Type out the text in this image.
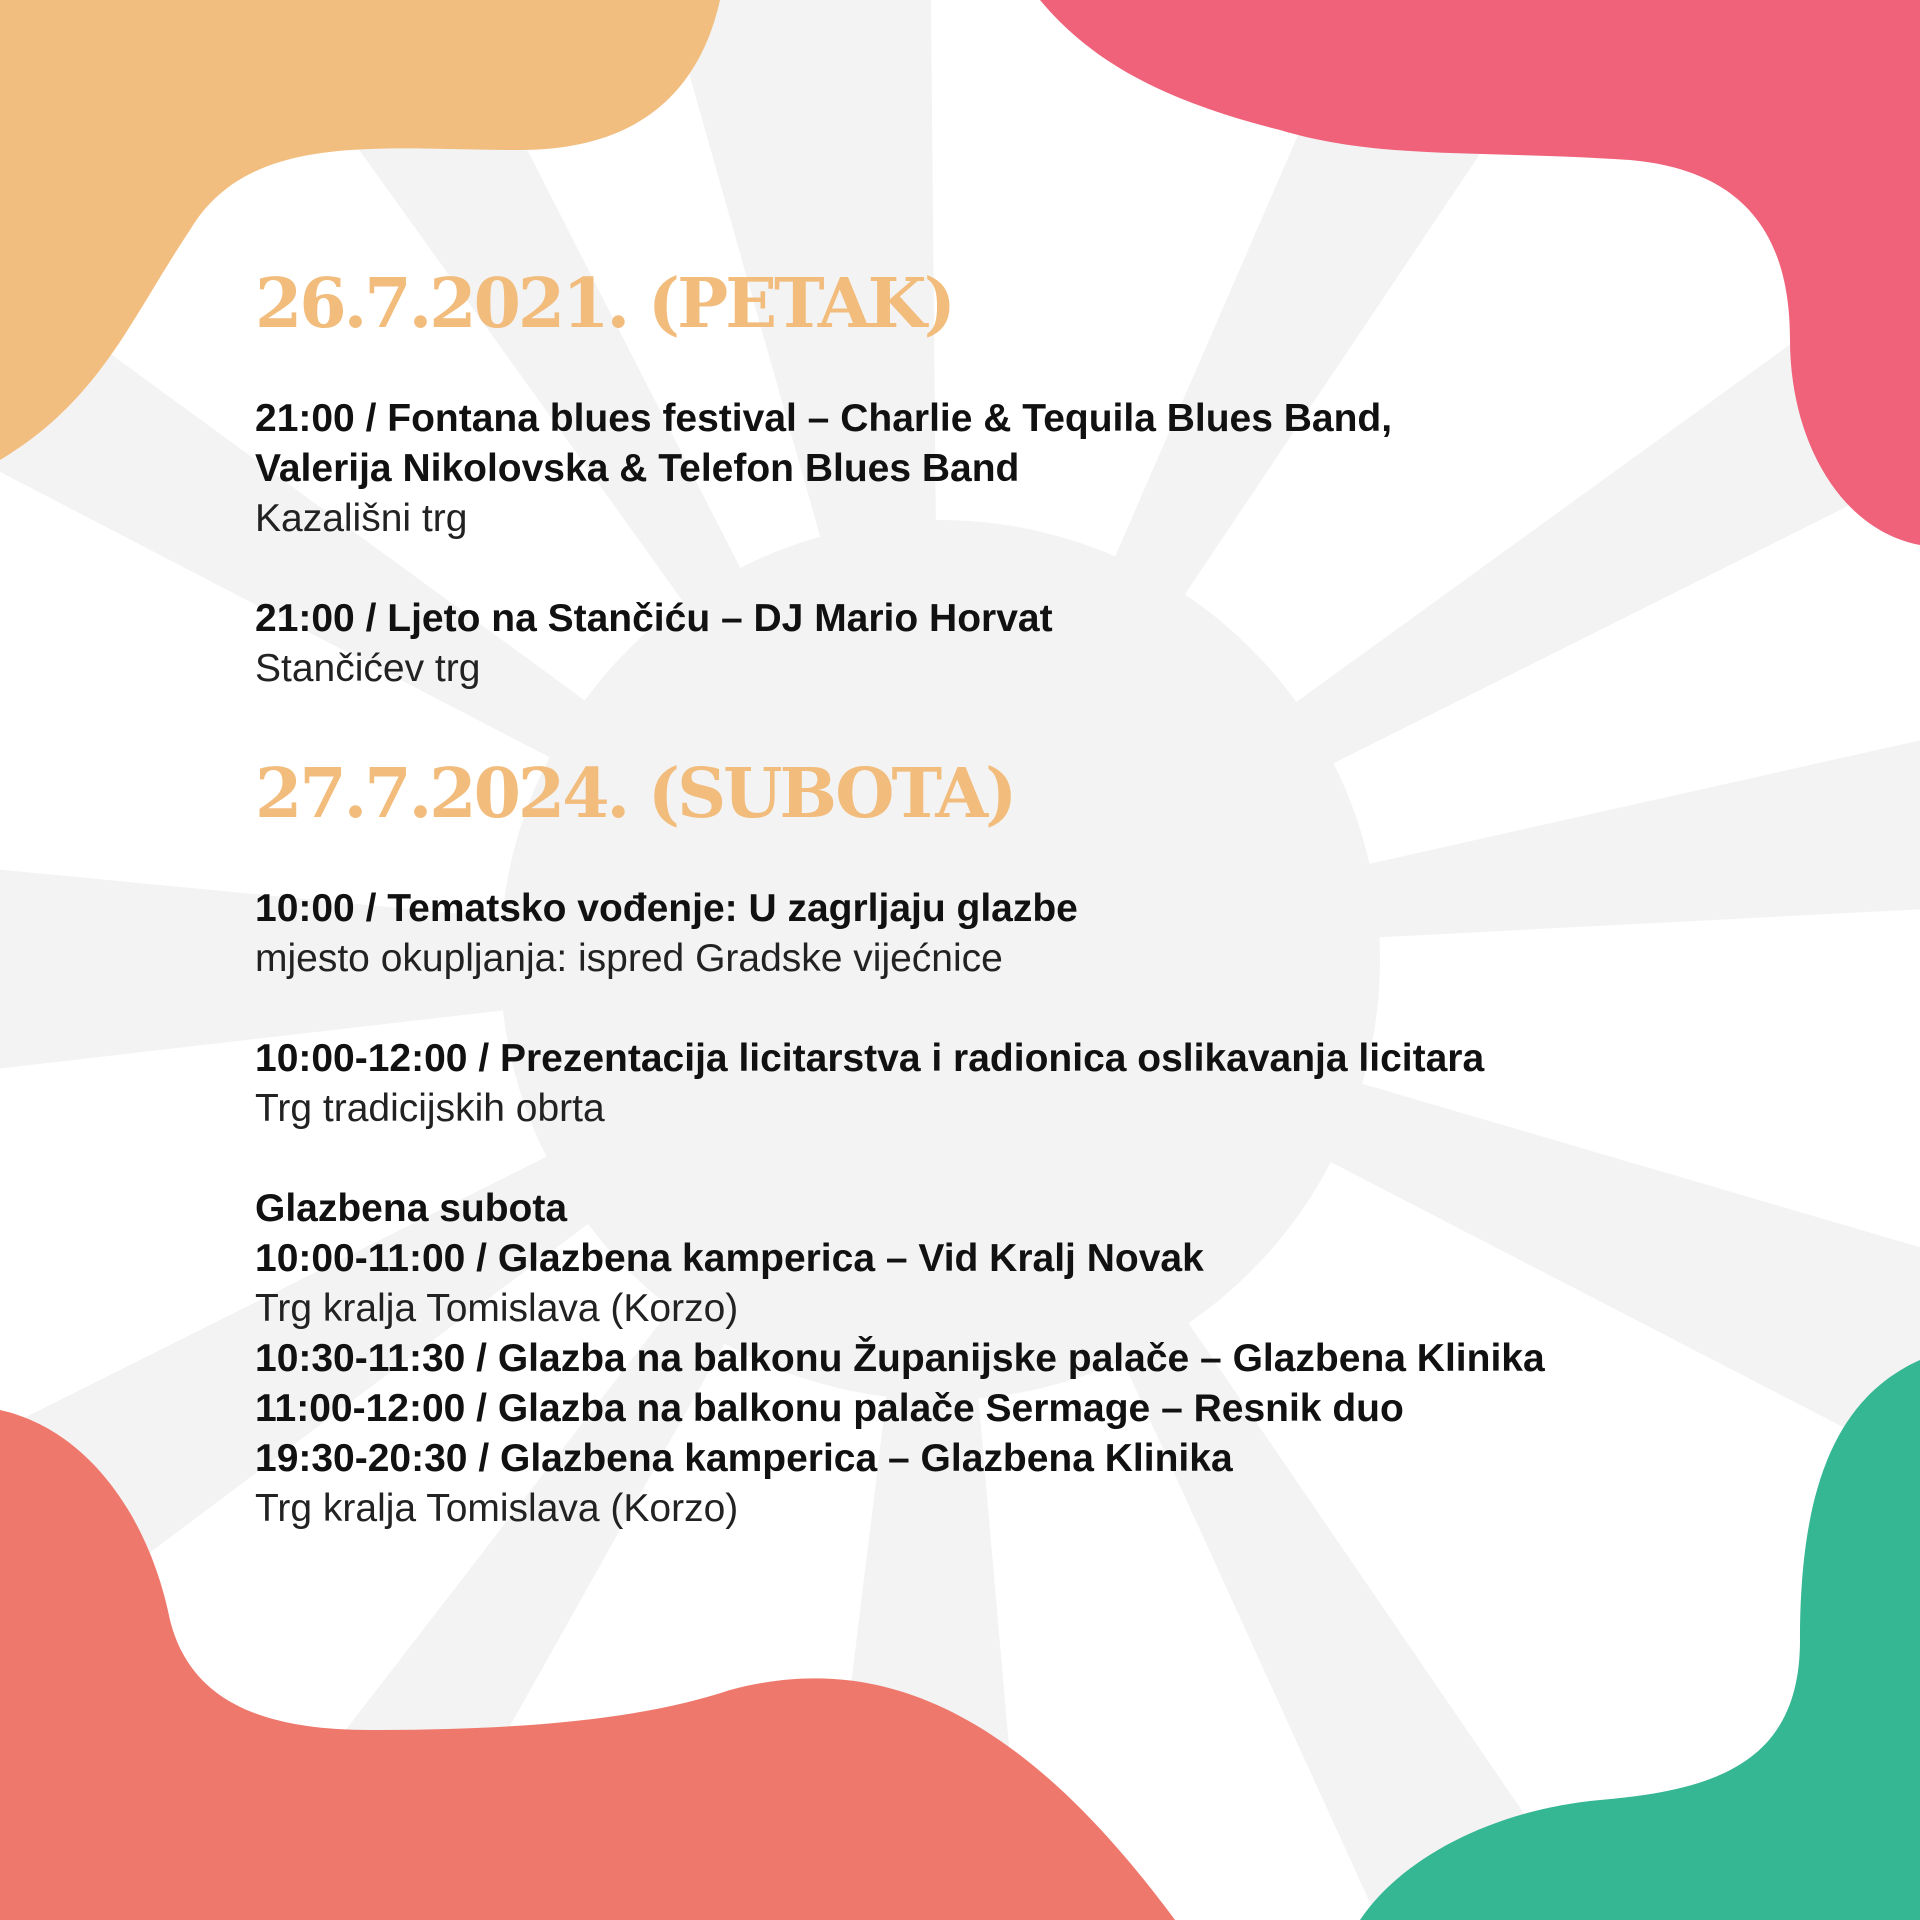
26.7.2021. (PETAK)
21:00 / Fontana blues festival – Charlie & Tequila Blues Band,
Valerija Nikolovska & Telefon Blues Band
Kazališni trg
21:00 / Ljeto na Stančiću – DJ Mario Horvat
Stančićev trg
27.7.2024. (SUBOTA)
10:00 / Tematsko vođenje: U zagrljaju glazbe
mjesto okupljanja: ispred Gradske vijećnice
10:00-12:00 / Prezentacija licitarstva i radionica oslikavanja licitara
Trg tradicijskih obrta
Glazbena subota
10:00-11:00 / Glazbena kamperica – Vid Kralj Novak
Trg kralja Tomislava (Korzo)
10:30-11:30 / Glazba na balkonu Županijske palače – Glazbena Klinika
11:00-12:00 / Glazba na balkonu palače Sermage – Resnik duo
19:30-20:30 / Glazbena kamperica – Glazbena Klinika
Trg kralja Tomislava (Korzo)
